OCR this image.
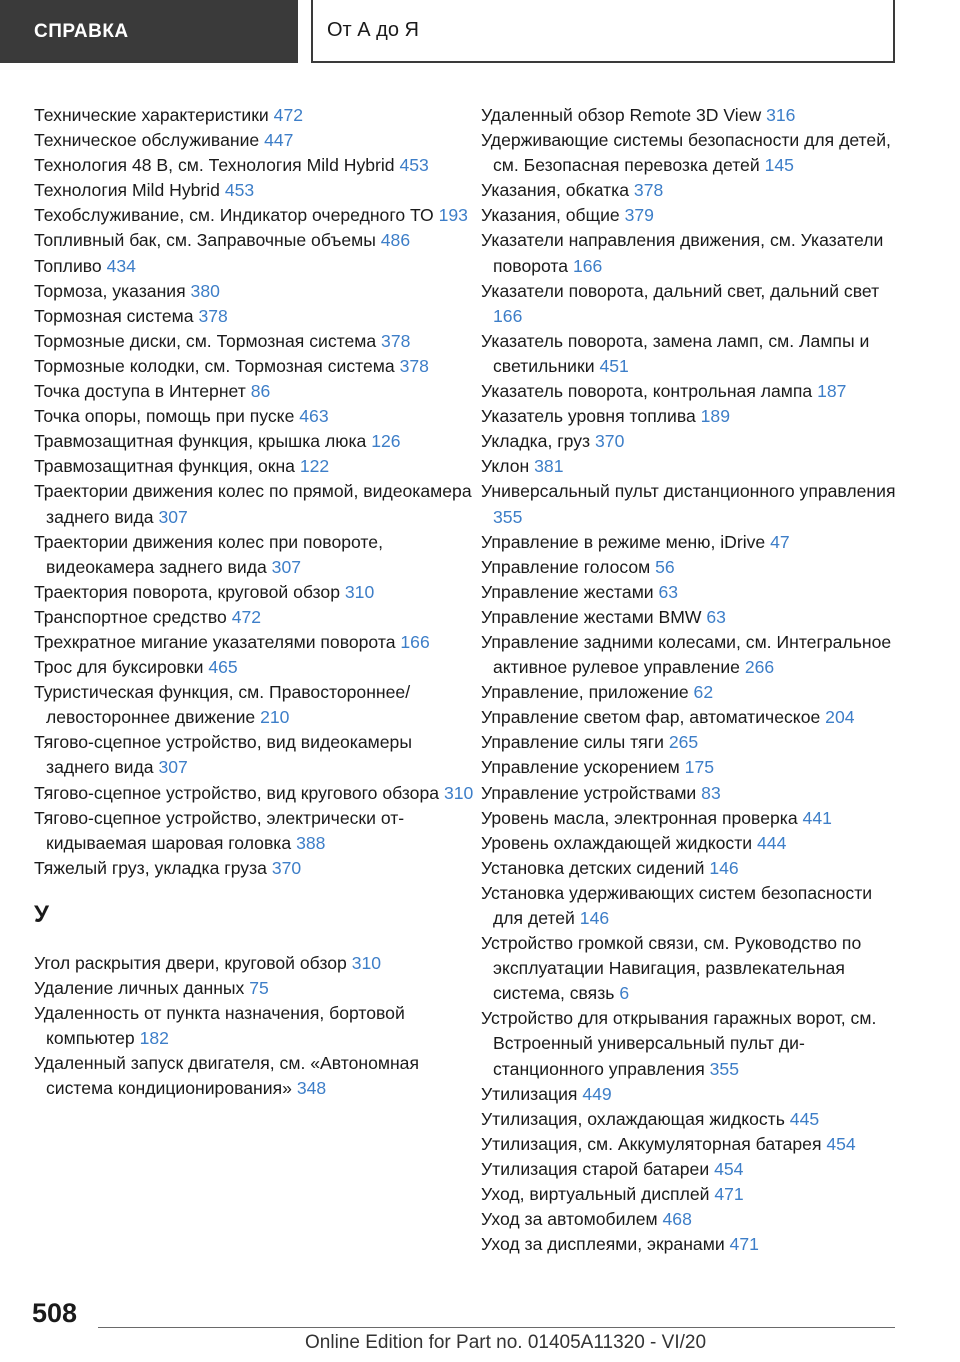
СПРАВКА	От А до Я
Технические характеристики 472
Техническое обслуживание 447
Технология 48 В, см. Технология Mild Hybrid 453
Технология Mild Hybrid 453
Техобслуживание, см. Индикатор очередного ТО 193
Топливный бак, см. Заправочные объемы 486
Топливо 434
Тормоза, указания 380
Тормозная система 378
Тормозные диски, см. Тормозная система 378
Тормозные колодки, см. Тормозная система 378
Точка доступа в Интернет 86
Точка опоры, помощь при пуске 463
Травмозащитная функция, крышка люка 126
Травмозащитная функция, окна 122
Траектории движения колес по прямой, видеокамера заднего вида 307
Траектории движения колес при повороте, видеокамера заднего вида 307
Траектория поворота, круговой обзор 310
Транспортное средство 472
Трехкратное мигание указателями поворота 166
Трос для буксировки 465
Туристическая функция, см. Правостороннее/левостороннее движение 210
Тягово-сцепное устройство, вид видеокамеры заднего вида 307
Тягово-сцепное устройство, вид кругового обзора 310
Тягово-сцепное устройство, электрически откидываемая шаровая головка 388
Тяжелый груз, укладка груза 370
У
Угол раскрытия двери, круговой обзор 310
Удаление личных данных 75
Удаленность от пункта назначения, бортовой компьютер 182
Удаленный запуск двигателя, см. «Автономная система кондиционирования» 348
Удаленный обзор Remote 3D View 316
Удерживающие системы безопасности для детей, см. Безопасная перевозка детей 145
Указания, обкатка 378
Указания, общие 379
Указатели направления движения, см. Указатели поворота 166
Указатели поворота, дальний свет, дальний свет 166
Указатель поворота, замена ламп, см. Лампы и светильники 451
Указатель поворота, контрольная лампа 187
Указатель уровня топлива 189
Укладка, груз 370
Уклон 381
Универсальный пульт дистанционного управления 355
Управление в режиме меню, iDrive 47
Управление голосом 56
Управление жестами 63
Управление жестами BMW 63
Управление задними колесами, см. Интегральное активное рулевое управление 266
Управление, приложение 62
Управление светом фар, автоматическое 204
Управление силы тяги 265
Управление ускорением 175
Управление устройствами 83
Уровень масла, электронная проверка 441
Уровень охлаждающей жидкости 444
Установка детских сидений 146
Установка удерживающих систем безопасности для детей 146
Устройство громкой связи, см. Руководство по эксплуатации Навигация, развлекательная система, связь 6
Устройство для открывания гаражных ворот, см. Встроенный универсальный пульт дистанционного управления 355
Утилизация 449
Утилизация, охлаждающая жидкость 445
Утилизация, см. Аккумуляторная батарея 454
Утилизация старой батареи 454
Уход, виртуальный дисплей 471
Уход за автомобилем 468
Уход за дисплеями, экранами 471
508
Online Edition for Part no. 01405A11320 - VI/20
